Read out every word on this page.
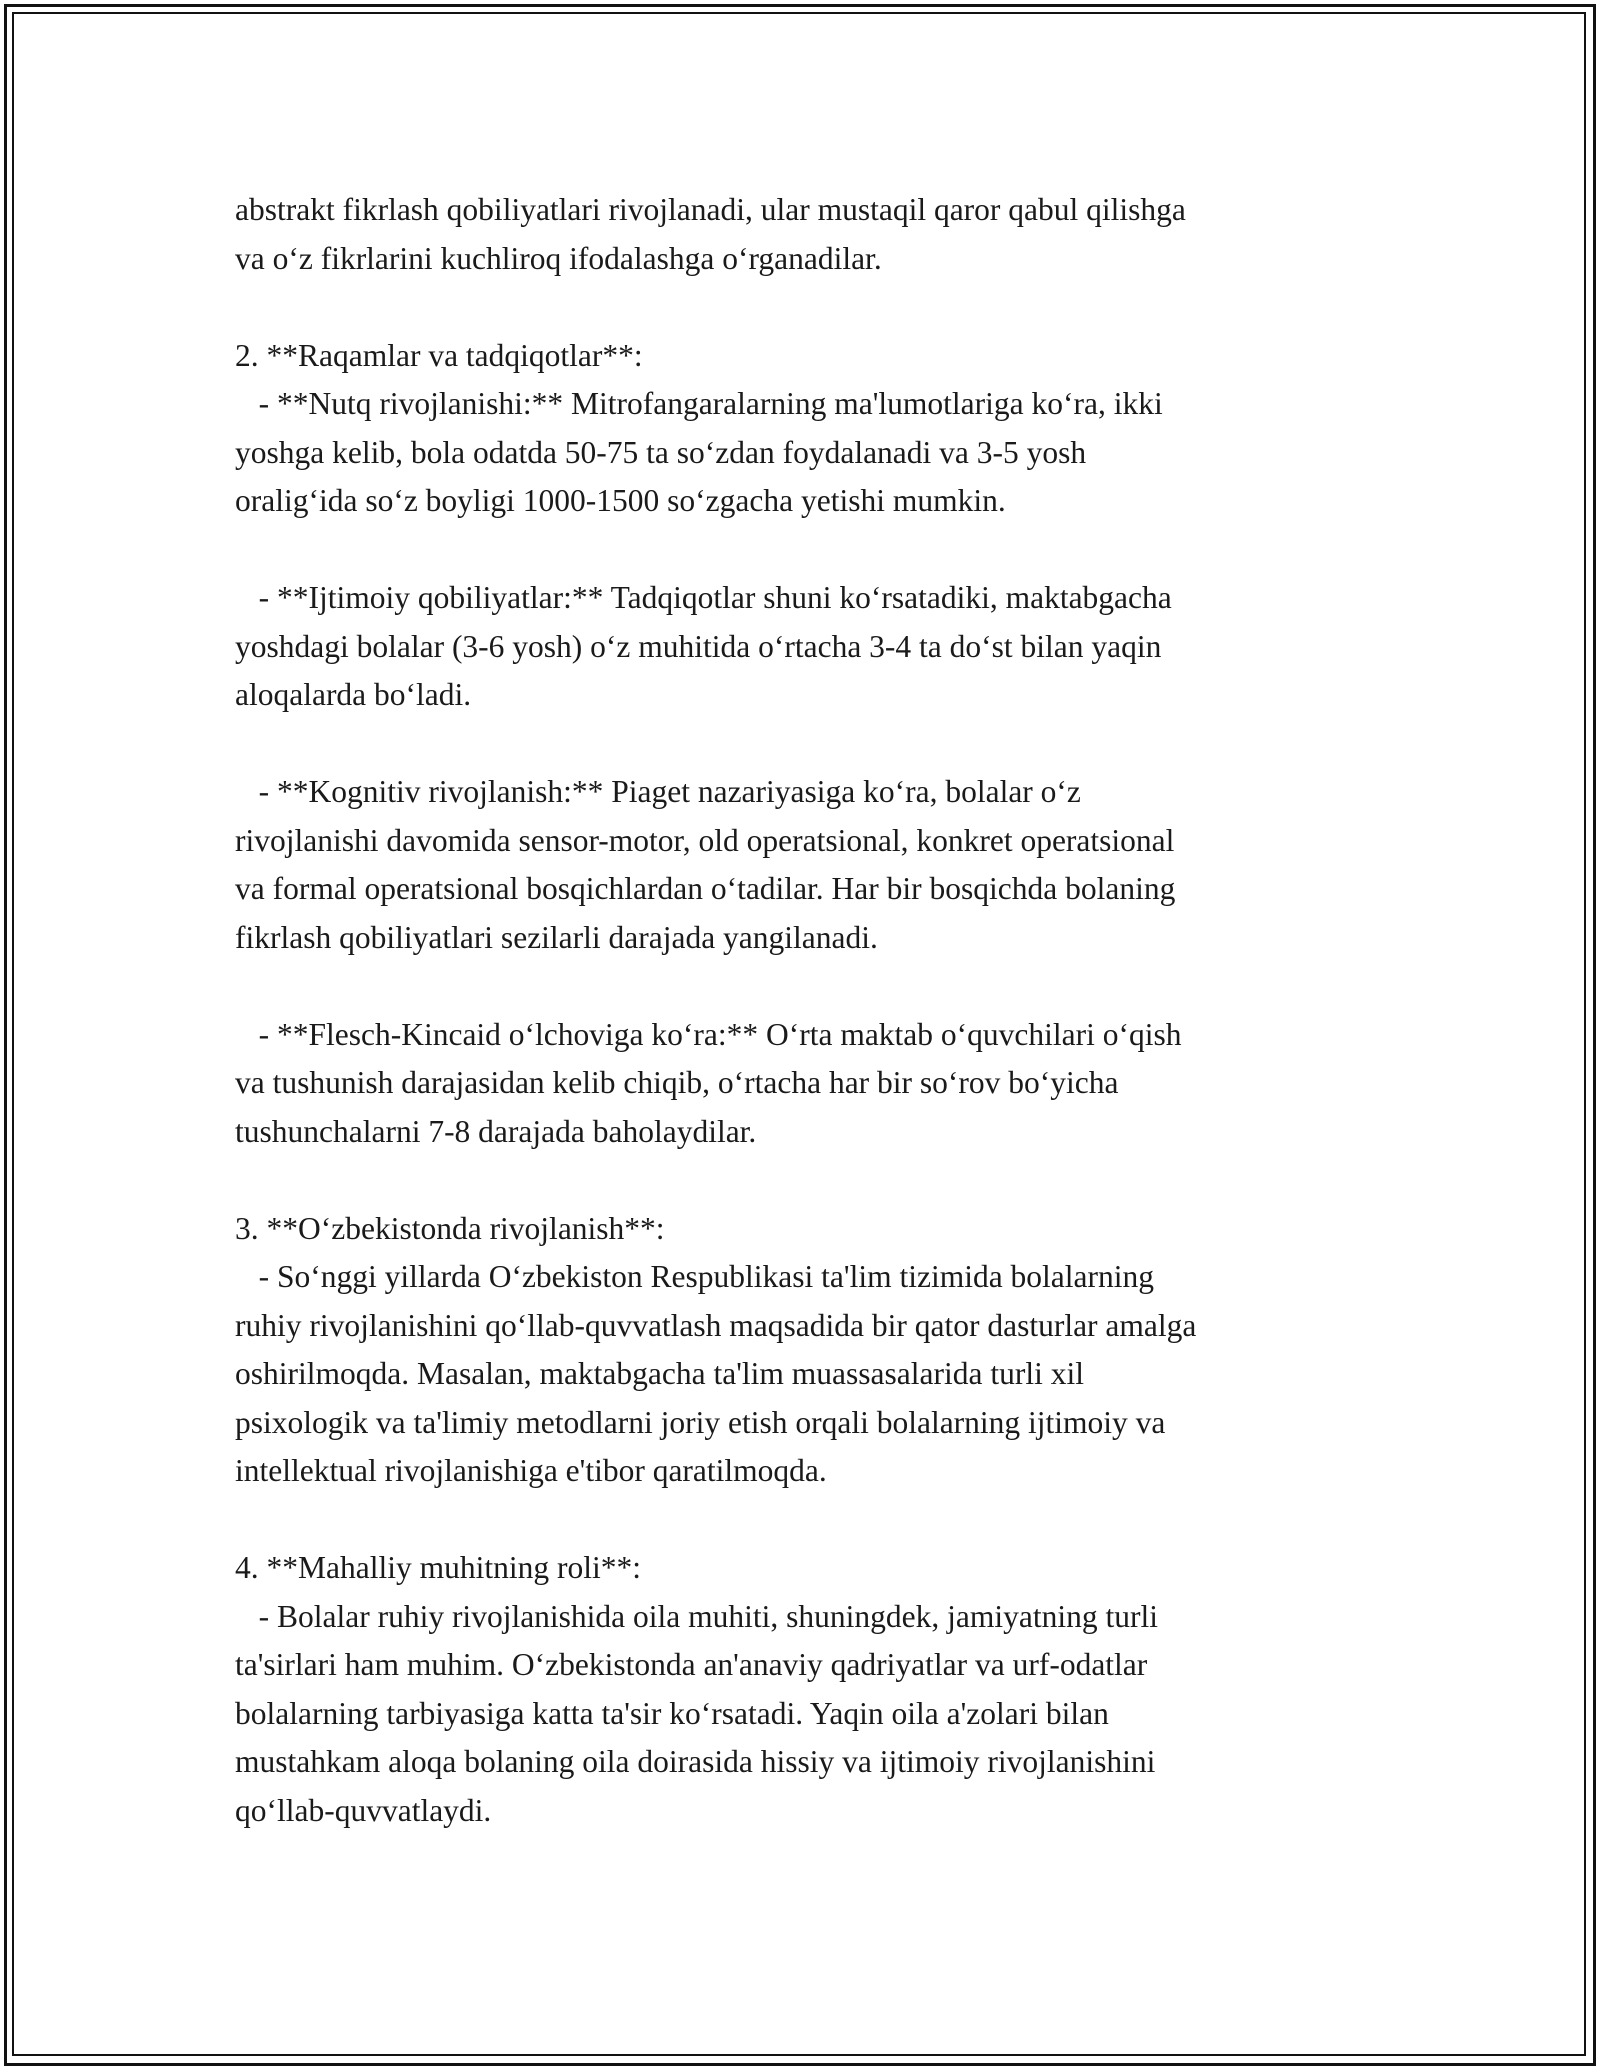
abstrakt fikrlash qobiliyatlari rivojlanadi, ular mustaqil qaror qabul qilishga
va o‘z fikrlarini kuchliroq ifodalashga o‘rganadilar.
2. **Raqamlar va tadqiqotlar**:
- **Nutq rivojlanishi:** Mitrofangaralarning ma'lumotlariga ko‘ra, ikki
yoshga kelib, bola odatda 50-75 ta so‘zdan foydalanadi va 3-5 yosh
oralig‘ida so‘z boyligi 1000-1500 so‘zgacha yetishi mumkin.
- **Ijtimoiy qobiliyatlar:** Tadqiqotlar shuni ko‘rsatadiki, maktabgacha
yoshdagi bolalar (3-6 yosh) o‘z muhitida o‘rtacha 3-4 ta do‘st bilan yaqin
aloqalarda bo‘ladi.
- **Kognitiv rivojlanish:** Piaget nazariyasiga ko‘ra, bolalar o‘z
rivojlanishi davomida sensor-motor, old operatsional, konkret operatsional
va formal operatsional bosqichlardan o‘tadilar. Har bir bosqichda bolaning
fikrlash qobiliyatlari sezilarli darajada yangilanadi.
- **Flesch-Kincaid o‘lchoviga ko‘ra:** O‘rta maktab o‘quvchilari o‘qish
va tushunish darajasidan kelib chiqib, o‘rtacha har bir so‘rov bo‘yicha
tushunchalarni 7-8 darajada baholaydilar.
3. **O‘zbekistonda rivojlanish**:
- So‘nggi yillarda O‘zbekiston Respublikasi ta'lim tizimida bolalarning
ruhiy rivojlanishini qo‘llab-quvvatlash maqsadida bir qator dasturlar amalga
oshirilmoqda. Masalan, maktabgacha ta'lim muassasalarida turli xil
psixologik va ta'limiy metodlarni joriy etish orqali bolalarning ijtimoiy va
intellektual rivojlanishiga e'tibor qaratilmoqda.
4. **Mahalliy muhitning roli**:
- Bolalar ruhiy rivojlanishida oila muhiti, shuningdek, jamiyatning turli
ta'sirlari ham muhim. O‘zbekistonda an'anaviy qadriyatlar va urf-odatlar
bolalarning tarbiyasiga katta ta'sir ko‘rsatadi. Yaqin oila a'zolari bilan
mustahkam aloqa bolaning oila doirasida hissiy va ijtimoiy rivojlanishini
qo‘llab-quvvatlaydi.
